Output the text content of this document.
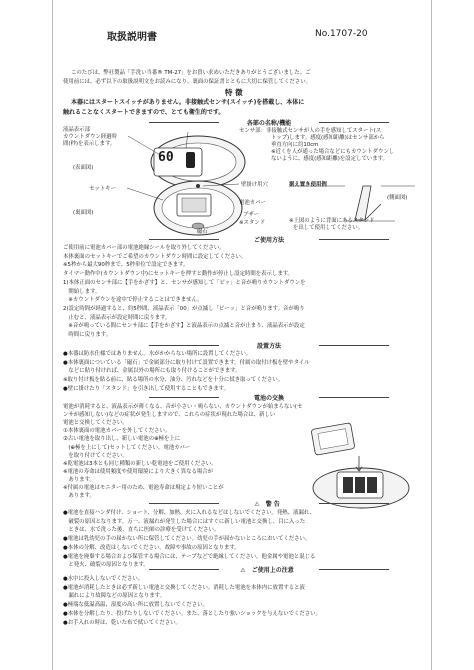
取扱説明書	No.1707-20
このたびは、弊社製品「手洗い当番® TM-27」をお買い求めいただきありがとうございました。ご
使用前には、必ず以下の取扱説明文をお読みになり、裏面の保証書とともに大切に保管してください。
特 徴
本器にはスタートスイッチがありません。非接触式センサ(スイッチ)を搭載し、本体に
触れることなくスタートできますので、とても衛生的です。
各部の名称/機能
液晶表示部
カウントダウン経過時
間(秒)を表示します。
60
(表面図)
センサ部：非接触式センサが人の手を感知してスタート(ス
トップ)します。感度(感知距離)はセンサ部から
垂直方向に約10cm
※近くを人が通った場合などにもカウントダウンし
ないように、感度(感知距離)を設定しています。
壁掛け用穴
セットキー
電池カバー
ブザー
※スタンド
磁石
(裏面図)
据え置き使用例
(側面図)
※上図のように背面にあるスタンド
を出して使用してください。
ご使用方法
ご使用前に電池カバー部の電池絶縁シールを取り外してください。
本体裏面のセットキーでご希望のカウントダウン時間に設定してください。
※5秒から最大90秒まで、5秒単位で設定できます。
タイマー動作中(カウントダウン中)にセットキーを押すと動作が停止し設定時間を表示します。
1)本体正面のセンサ部に【手をかざす】と、センサが感知して「ピッ」と音が鳴りカウントダウンを
　開始します。
　※カウントダウンを途中で停止することはできません。
2)設定時間が経過すると、約5秒間、液晶表示「00」が点滅し「ピーッ」と音が鳴ります。音が鳴り
　止むと、液晶表示が設定時間に戻ります。
　※音が鳴っている間にセンサ部に【手をかざす】と液晶表示の点滅と音が止まり、液晶表示が設定
　時間に戻ります。
設置方法
●本器は防水仕様ではありません。水がかからない場所に設置してください。
●本体裏面についている「磁石」で金属部分に取り付けて設置できます。付属の取付け板を壁やタイル
　などに貼り付ければ、金属以外の場所にも取り付けることができます。
※取り付け板を貼る前に、貼る場所の水分、油分、汚れなどを十分に拭き取ってください。
●壁に掛けたり「スタンド」を引き出して使用することもできます。
電池の交換
電池が消耗すると、液晶表示が薄くなる、音が小さい・鳴らない、カウントダウンが始まらない(セ
ンサが感知しない)などの症状が発生しますので、これらの症状が現れた場合は、新しい
電池と交換してください。
①本体裏面の電池カバーを外してください。
②古い電池を取り出し、新しい電池の⊕極を上に
　(⊕極を上にして)セットしてください。電池カバー
　を取り付けてください。
※乾電池は3本とも同じ種類の新しい乾電池をご使用ください。
※電池の寿命は使用頻度や使用環境により大きく異なる場合が
　あります。
※付属の電池はモニター用のため、電池寿命は規定より短いことが
　あります。
⚠ 警 告
●電池を直接ハンダ付け、ショート、分解、加熱、火に入れるなどはしないでください。発熱、液漏れ、
　破裂の原因となります。万一、液漏れが発生した場合にはすぐに新しい電池と交換し、目に入った
　ときは、水で洗った後、直ちに医師の診療を受けてください。
●電池は乳幼児の手の届かない所に保管してください。幼児の手が届かないところにおいてください。
●本体の分解、改造はしないでください。故障や事故の原因となります。
●電池を廃棄する場合および保管する場合には、テープなどで絶縁してください。他金属や電池と混じる
　と発火、破裂の原因となります。
⚠ ご使用上の注意
●水中に投入しないでください。
●電池が消耗したときは必ず新しい電池と交換してください。消耗した電池を本体内に放置すると液
　漏れにより故障などの原因となります。
●極端な低温高温、湿度の高い所に放置しないでください。
●本体を分解したり、投げたりしないでください。また、落としたり強いショックを与えないでください。
●お手入れの時は、乾いた布で拭いてください。
